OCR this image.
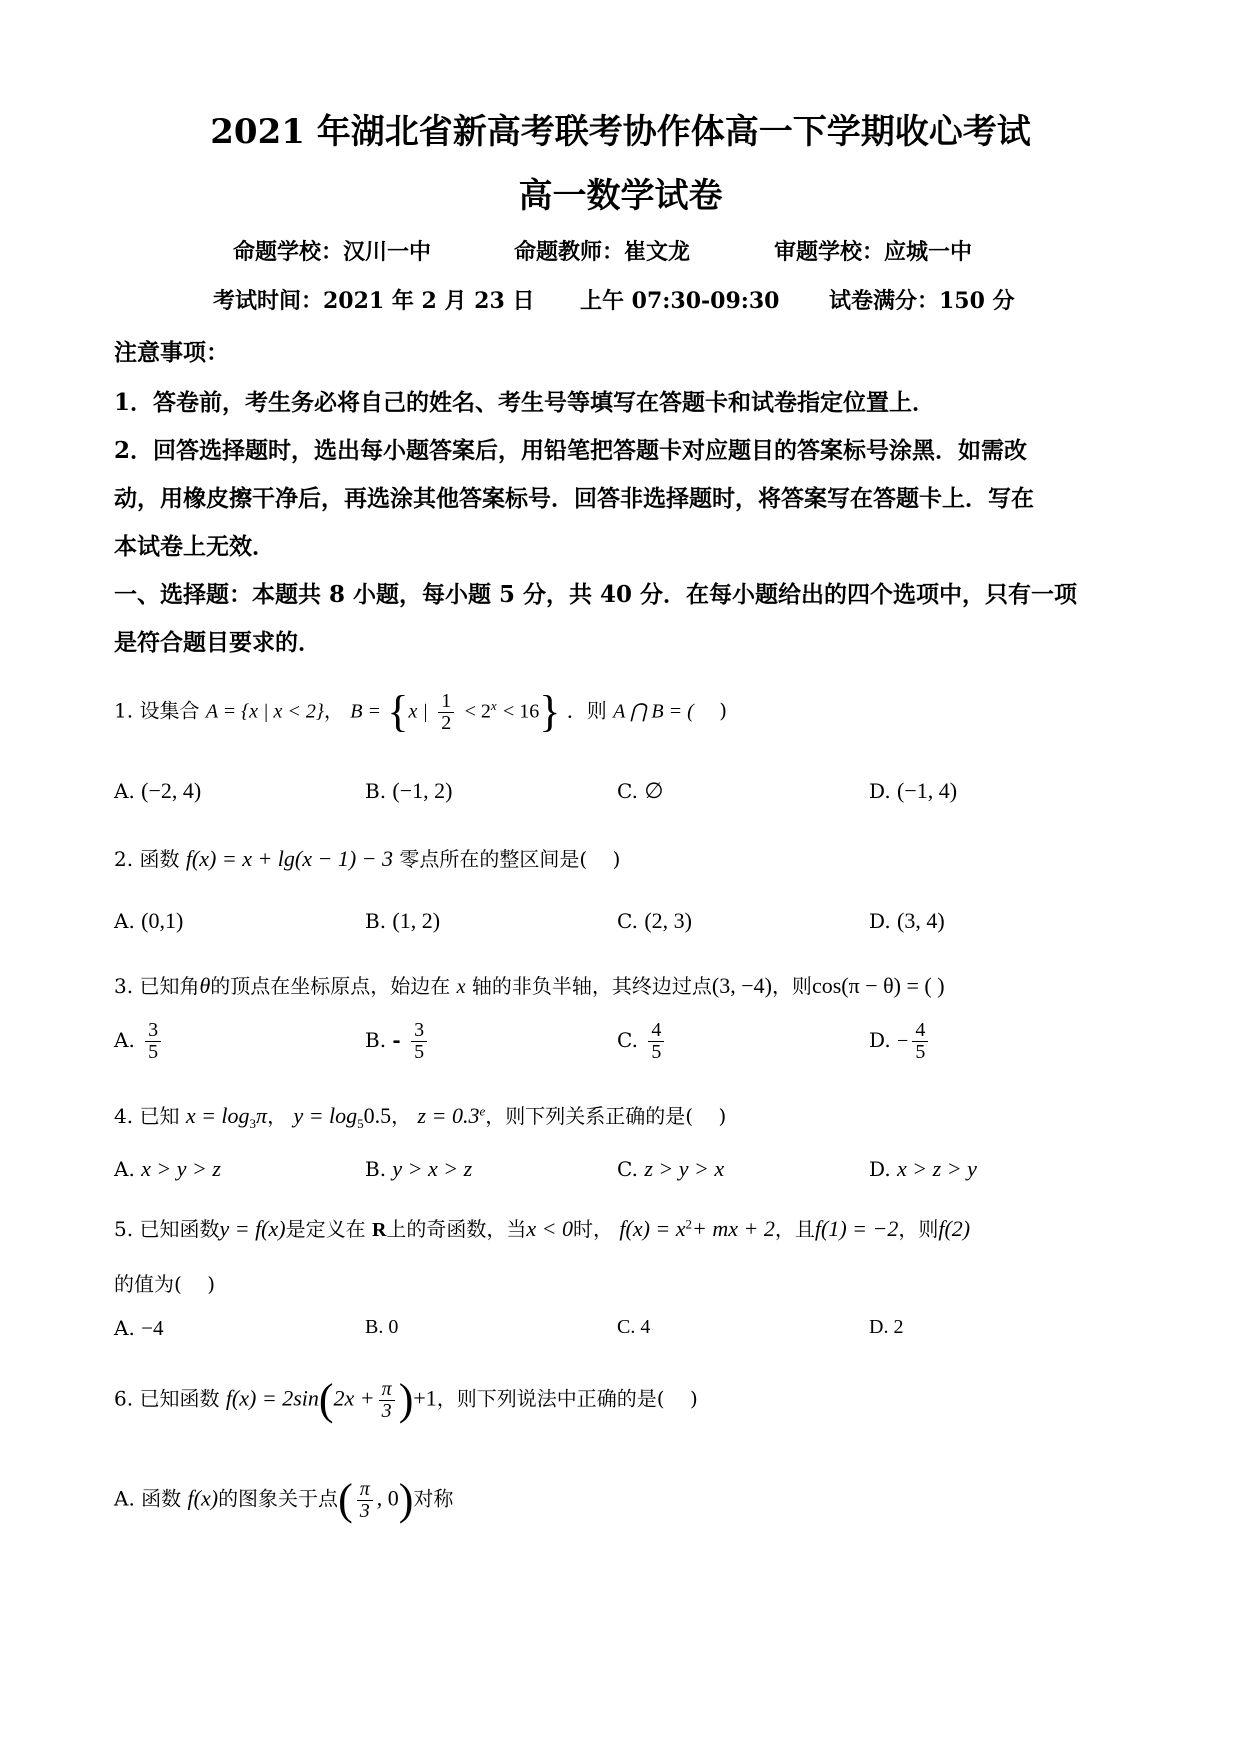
2021 年湖北省新高考联考协作体高一下学期收心考试
高一数学试卷
命题学校：汉川一中	命题教师：崔文龙	审题学校：应城一中
考试时间：2021 年 2 月 23 日 上午 07:30-09:30 试卷满分：150 分
注意事项：
1．答卷前，考生务必将自己的姓名、考生号等填写在答题卡和试卷指定位置上．
2．回答选择题时，选出每小题答案后，用铅笔把答题卡对应题目的答案标号涂黑．如需改
动，用橡皮擦干净后，再选涂其他答案标号．回答非选择题时，将答案写在答题卡上．写在
本试卷上无效．
一、选择题：本题共 8 小题，每小题 5 分，共 40 分．在每小题给出的四个选项中，只有一项
是符合题目要求的．
1. 设集合 A = {x | x < 2}， B = {x | $\frac{1}{2} < 2^x < 16$} ．则 A ⋂ B = ( )
A. (−2, 4)	B. (−1, 2)	C. ∅	D. (−1, 4)
2. 函数 f(x) = x + lg(x − 1) − 3 零点所在的整区间是( )
A. (0,1)	B. (1, 2)	C. (2, 3)	D. (3, 4)
3. 已知角θ的顶点在坐标原点，始边在 x 轴的非负半轴，其终边过点(3, −4)，则cos(π − θ) = ( )
A. $\frac{3}{5}$	B. - $\frac{3}{5}$	C. $\frac{4}{5}$	D. − $\frac{4}{5}$
4. 已知 $x = \log_3\pi$， $y = \log_50.5$， z = 0.3$^e$，则下列关系正确的是( )
A. x > y > z	B. y > x > z	C. z > y > x	D. x > z > y
5. 已知函数y = f(x)是定义在 R上的奇函数，当x < 0时， $f(x) = x^2+$ mx + 2，且f(1) = −2，则f(2)
的值为( )
A. −4	B. 0	C. 4	D. 2
6. 已知函数 $f(x) = 2\sin(2x + \frac{\pi}{3} )+1$，则下列说法中正确的是( )
A. 函数 f(x)的图象关于点( $\frac{\pi}{3}$ , 0)对称
